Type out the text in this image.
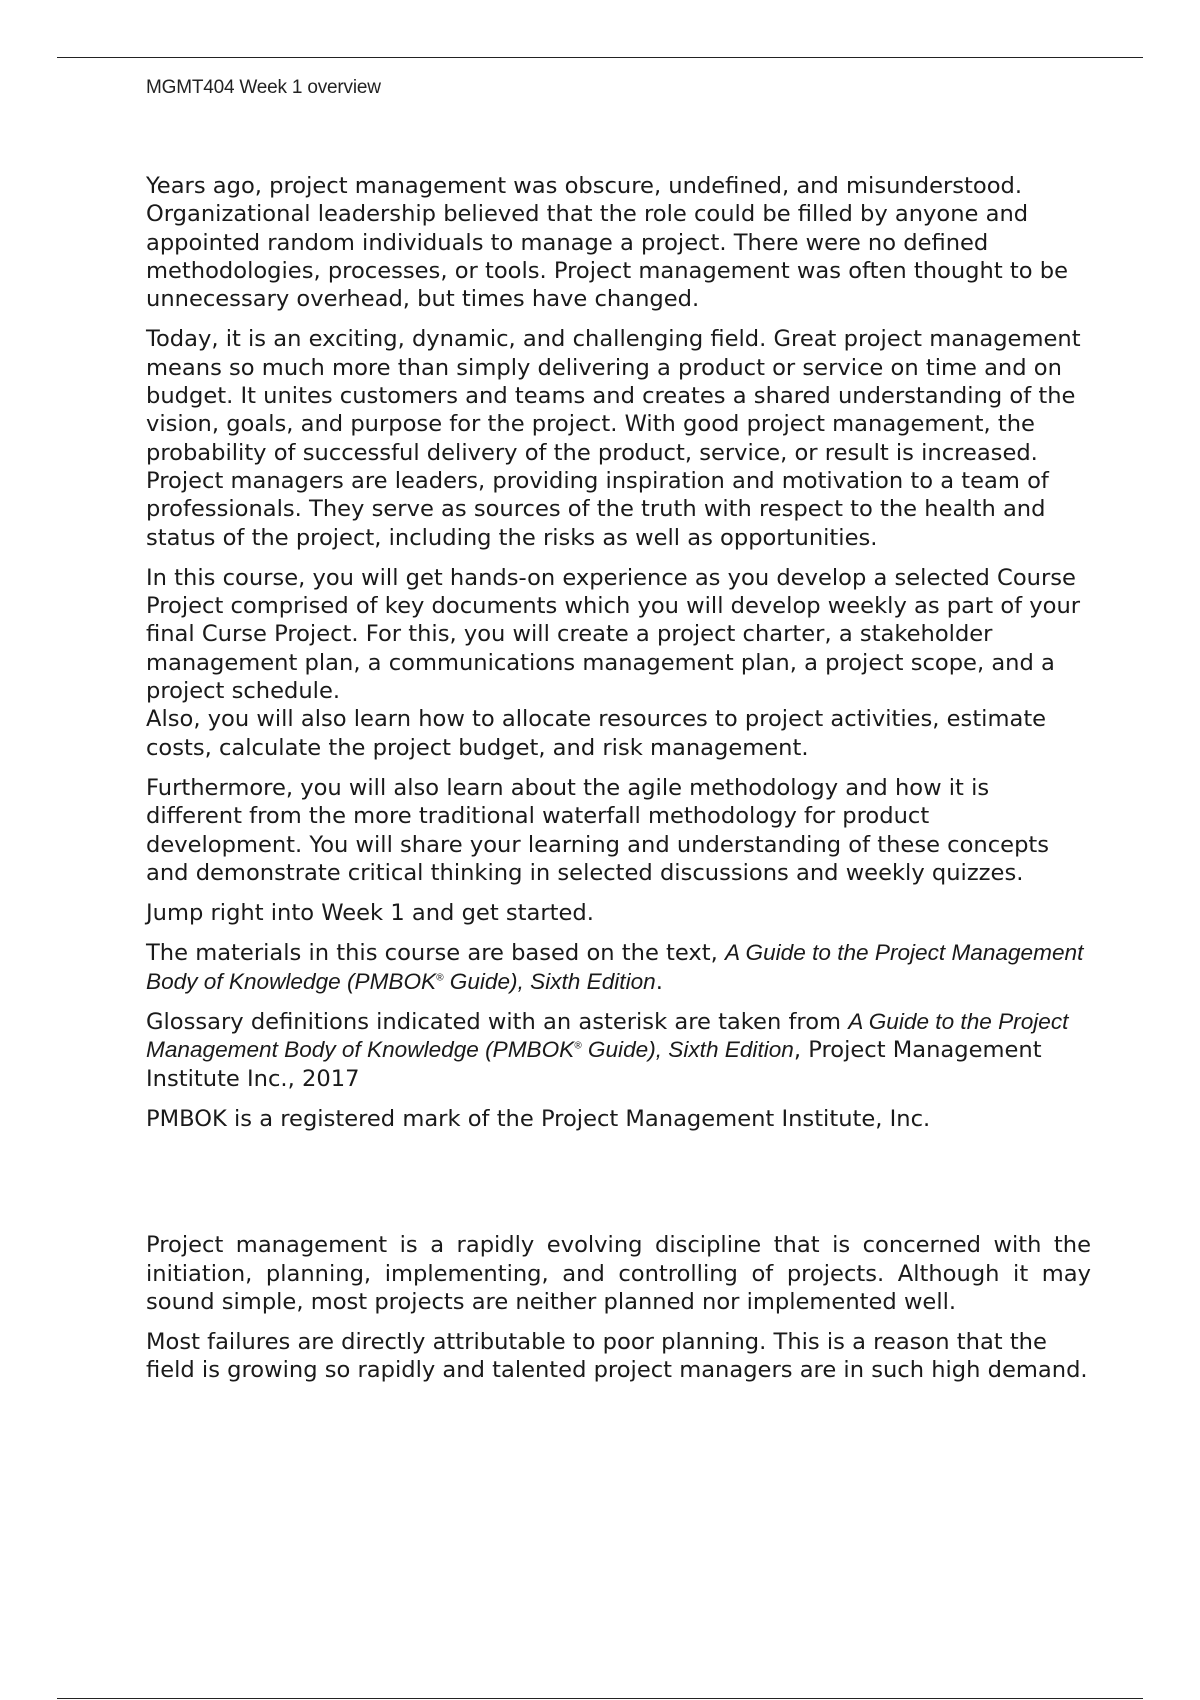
MGMT404 Week 1 overview

Years ago, project management was obscure, undefined, and misunderstood. Organizational leadership believed that the role could be filled by anyone and appointed random individuals to manage a project. There were no defined methodologies, processes, or tools. Project management was often thought to be unnecessary overhead, but times have changed.

Today, it is an exciting, dynamic, and challenging field. Great project management means so much more than simply delivering a product or service on time and on budget. It unites customers and teams and creates a shared understanding of the vision, goals, and purpose for the project. With good project management, the probability of successful delivery of the product, service, or result is increased. Project managers are leaders, providing inspiration and motivation to a team of professionals. They serve as sources of the truth with respect to the health and status of the project, including the risks as well as opportunities.

In this course, you will get hands-on experience as you develop a selected Course Project comprised of key documents which you will develop weekly as part of your final Curse Project. For this, you will create a project charter, a stakeholder management plan, a communications management plan, a project scope, and a project schedule.

Also, you will also learn how to allocate resources to project activities, estimate costs, calculate the project budget, and risk management.

Furthermore, you will also learn about the agile methodology and how it is different from the more traditional waterfall methodology for product development. You will share your learning and understanding of these concepts and demonstrate critical thinking in selected discussions and weekly quizzes.

Jump right into Week 1 and get started.

The materials in this course are based on the text, A Guide to the Project Management Body of Knowledge (PMBOK® Guide), Sixth Edition.

Glossary definitions indicated with an asterisk are taken from A Guide to the Project Management Body of Knowledge (PMBOK® Guide), Sixth Edition, Project Management Institute Inc., 2017

PMBOK is a registered mark of the Project Management Institute, Inc.

Project management is a rapidly evolving discipline that is concerned with the initiation, planning, implementing, and controlling of projects. Although it may sound simple, most projects are neither planned nor implemented well.

Most failures are directly attributable to poor planning. This is a reason that the field is growing so rapidly and talented project managers are in such high demand.
